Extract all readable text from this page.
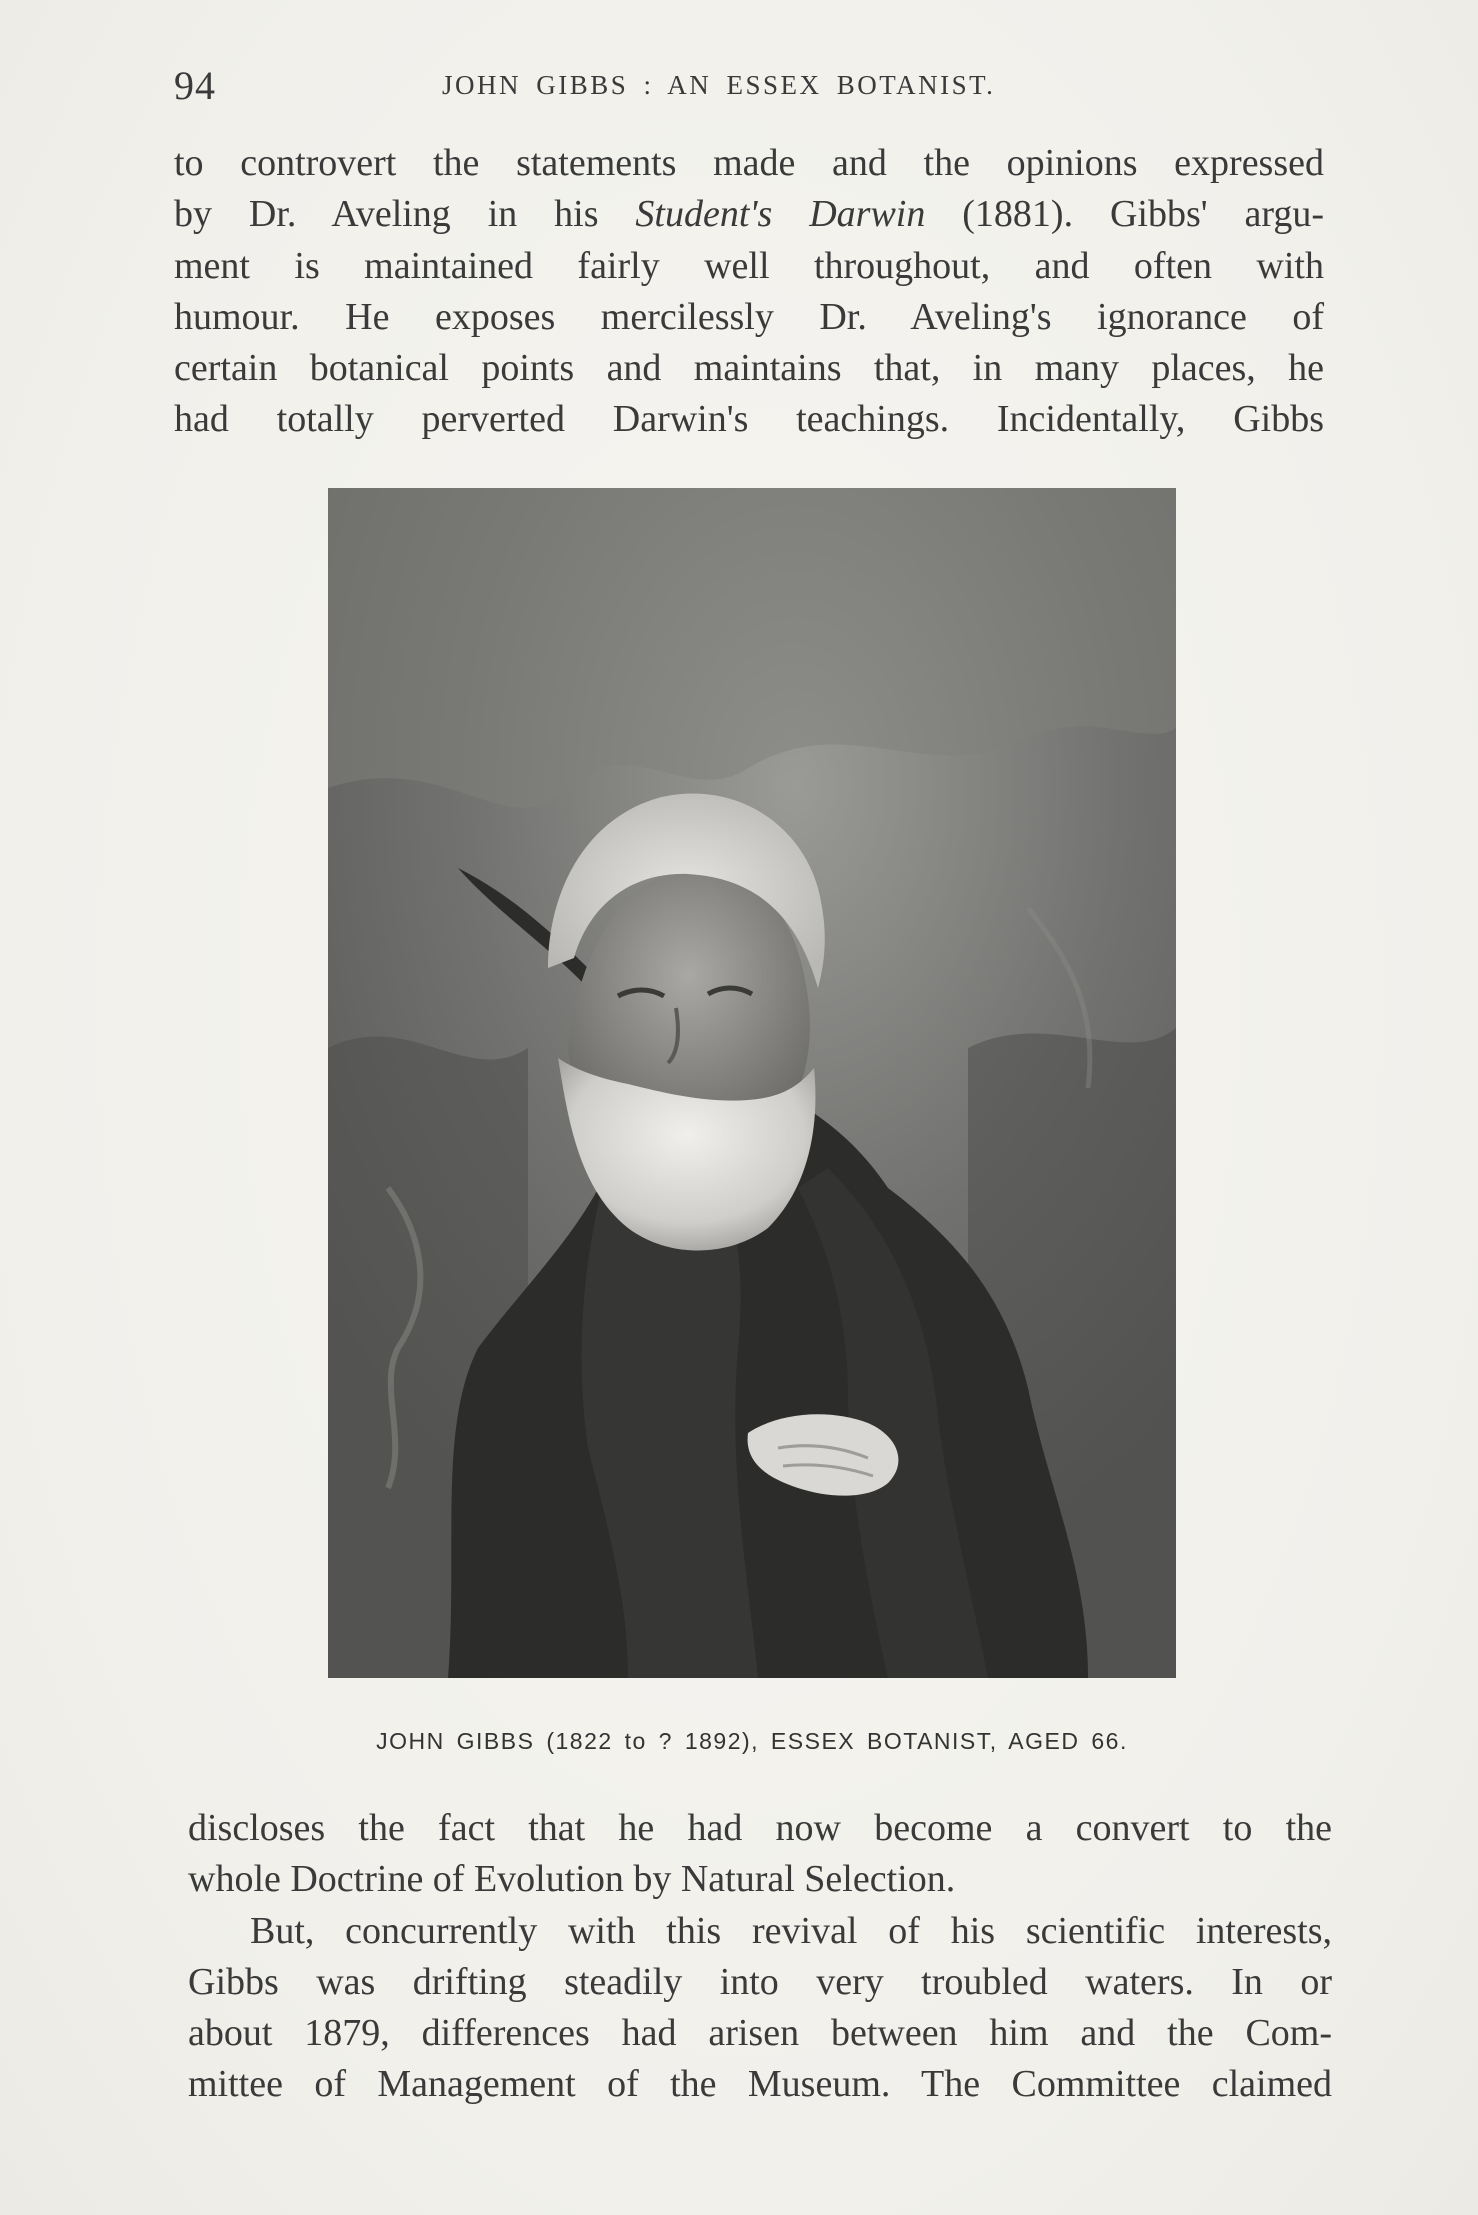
94	JOHN GIBBS : AN ESSEX BOTANIST.
to controvert the statements made and the opinions expressed
by Dr. Aveling in his Student's Darwin (1881). Gibbs' argu-
ment is maintained fairly well throughout, and often with
humour. He exposes mercilessly Dr. Aveling's ignorance of
certain botanical points and maintains that, in many places, he
had totally perverted Darwin's teachings. Incidentally, Gibbs
JOHN GIBBS (1822 to ? 1892), ESSEX BOTANIST, AGED 66.
discloses the fact that he had now become a convert to the
whole Doctrine of Evolution by Natural Selection.
But, concurrently with this revival of his scientific interests,
Gibbs was drifting steadily into very troubled waters. In or
about 1879, differences had arisen between him and the Com-
mittee of Management of the Museum. The Committee claimed
